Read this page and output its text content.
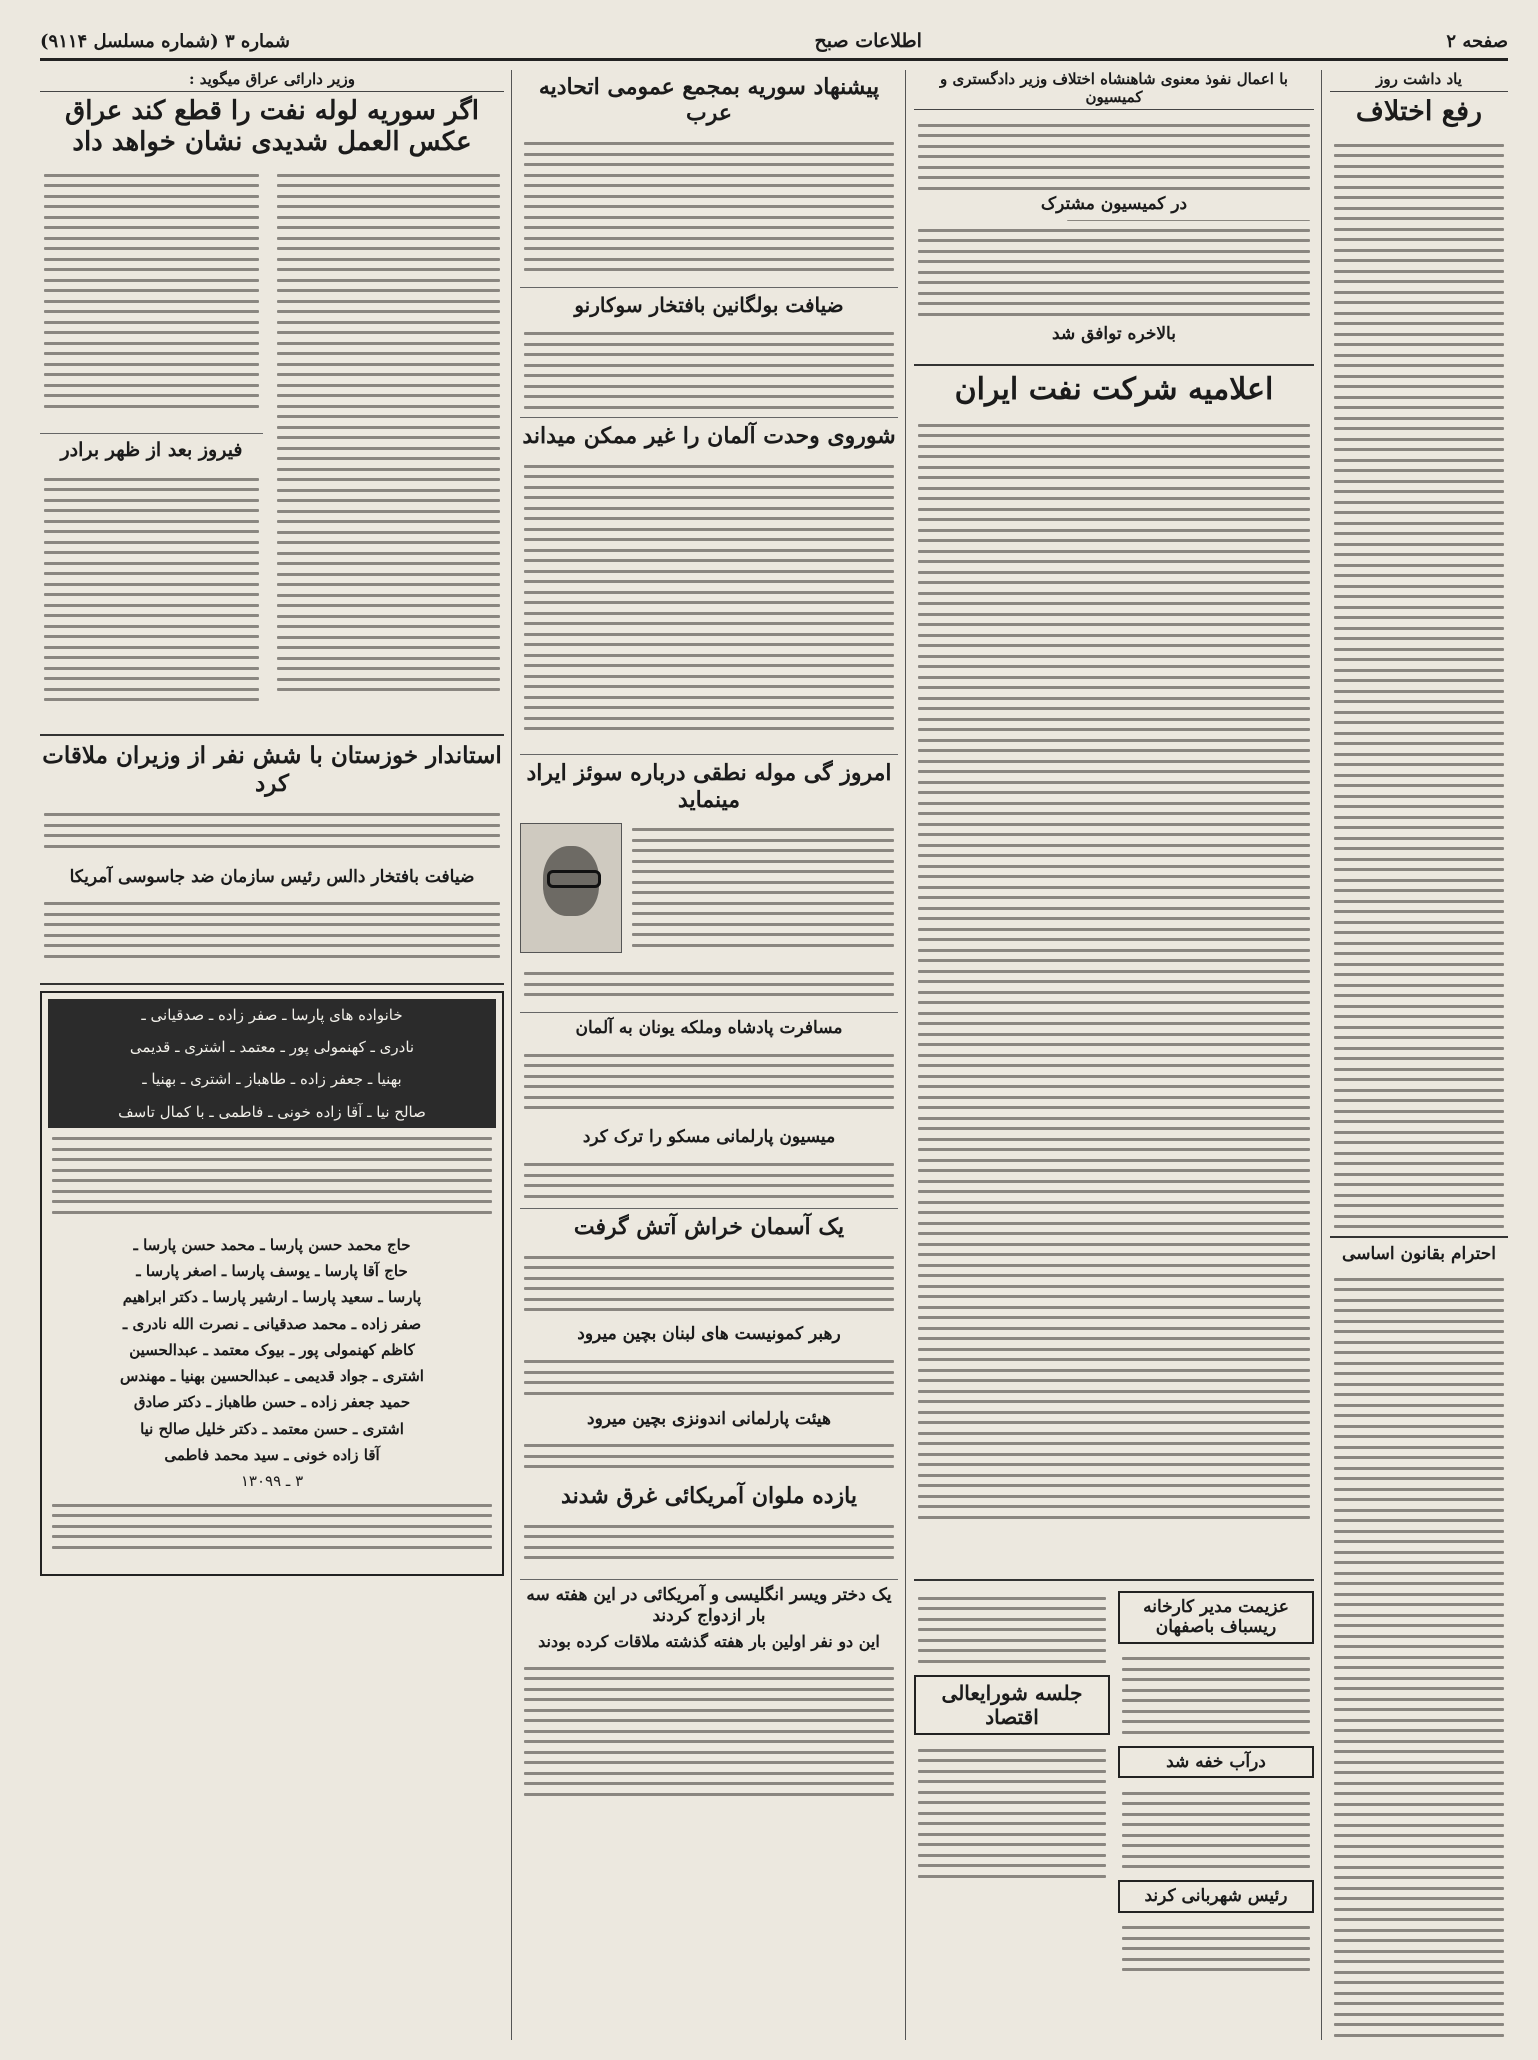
صفحه ۲
اطلاعات صبح
شماره ۳ (شماره مسلسل ۹۱۱۴)
یاد داشت روز
رفع اختلاف
با اعمال نفوذ معنوی شاهنشاه اختلاف وزیر دادگستری و کمیسیون
اعلامیه شرکت نفت ایران
عزیمت مدیر کارخانه ریسباف باصفهان
درآب خفه شد
رئیس شهربانی کرند
جلسه شورایعالی اقتصاد
پیشنهاد سوریه بمجمع عمومی اتحادیه عرب
ضیافت بولگانین بافتخار سوکارنو
شوروی وحدت آلمان را غیر ممکن میداند
امروز گی موله نطقی درباره سوئز ایراد مینماید
مسافرت پادشاه وملکه یونان به آلمان
میسیون پارلمانی مسکو را ترک کرد
یک آسمان خراش آتش گرفت
رهبر کمونیست های لبنان بچین میرود
هیئت پارلمانی اندونزی بچین میرود
یازده ملوان آمریکائی غرق شدند
یک دختر ویسر انگلیسی و آمریکائی در این هفته سه بار ازدواج کردند
این دو نفر اولین بار هفته گذشته ملاقات کرده بودند
وزیر دارائی عراق میگوید :
اگر سوریه لوله نفت را قطع کند عراق عکس العمل شدیدی نشان خواهد داد
فیروز بعد از ظهر برادر
استاندار خوزستان با شش نفر از وزیران ملاقات کرد
ضیافت بافتخار دالس رئیس سازمان ضد جاسوسی آمریکا
خانواده های پارسا ـ صفر زاده ـ صدقیانی ـ
نادری ـ کهنمولی پور ـ معتمد ـ اشتری ـ قدیمی
بهنیا ـ جعفر زاده ـ طاهباز ـ اشتری ـ بهنیا ـ
صالح نیا ـ آقا زاده خونی ـ فاطمی ـ با کمال تاسف
حاج محمد حسن پارسا ـ محمد حسن پارسا ـ
حاج آقا پارسا ـ یوسف پارسا ـ اصغر پارسا ـ
پارسا ـ سعید پارسا ـ ارشیر پارسا ـ دکتر ابراهیم
صفر زاده ـ محمد صدقیانی ـ نصرت الله نادری ـ
کاظم کهنمولی پور ـ بیوک معتمد ـ عبدالحسین
اشتری ـ جواد قدیمی ـ عبدالحسین بهنیا ـ مهندس
حمید جعفر زاده ـ حسن طاهباز ـ دکتر صادق
اشتری ـ حسن معتمد ـ دکتر خلیل صالح نیا
آقا زاده خونی ـ سید محمد فاطمی
۳ ـ ۱۳۰۹۹
احترام بقانون اساسی
در کمیسیون مشترک
بالاخره توافق شد
